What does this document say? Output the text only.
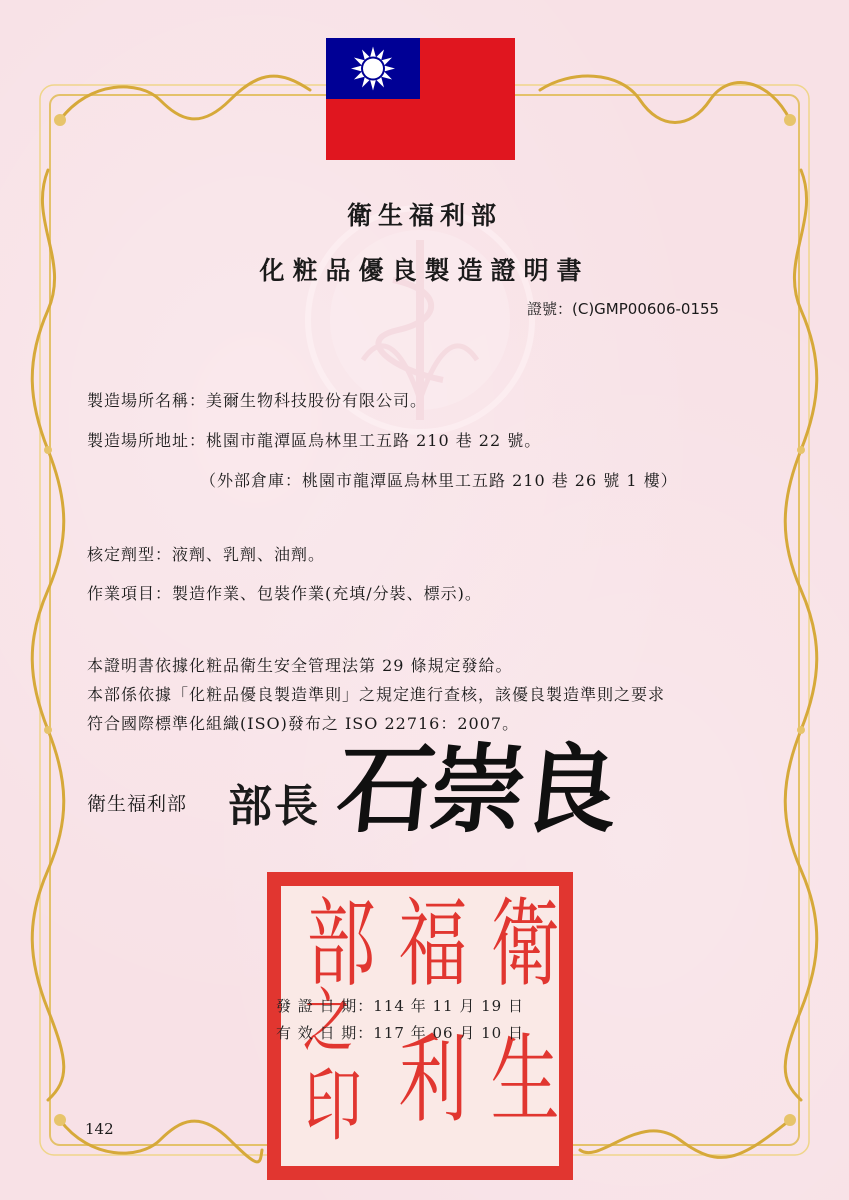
衛生福利部
化粧品優良製造證明書
證號：(C)GMP00606-0155
製造場所名稱：美爾生物科技股份有限公司。
製造場所地址：桃園市龍潭區烏林里工五路 210 巷 22 號。
（外部倉庫：桃園市龍潭區烏林里工五路 210 巷 26 號 1 樓）
核定劑型：液劑、乳劑、油劑。
作業項目：製造作業、包裝作業(充填/分裝、標示)。
本證明書依據化粧品衛生安全管理法第 29 條規定發給。
本部係依據「化粧品優良製造準則」之規定進行查核，該優良製造準則之要求
符合國際標準化組織(ISO)發布之 ISO 22716：2007。
衛生福利部 部長 石崇良
衛
生
福
利
部
之
印
發 證 日 期：114 年 11 月 19 日
有 效 日 期：117 年 06 月 10 日
142
